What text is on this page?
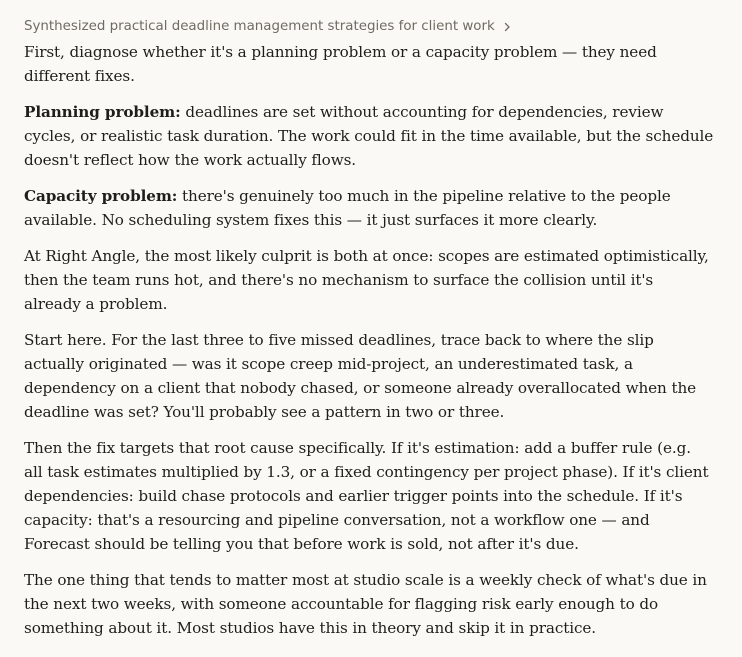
Synthesized practical deadline management strategies for client work

First, diagnose whether it's a planning problem or a capacity problem — they need different fixes.

Planning problem: deadlines are set without accounting for dependencies, review cycles, or realistic task duration. The work could fit in the time available, but the schedule doesn't reflect how the work actually flows.

Capacity problem: there's genuinely too much in the pipeline relative to the people available. No scheduling system fixes this — it just surfaces it more clearly.

At Right Angle, the most likely culprit is both at once: scopes are estimated optimistically, then the team runs hot, and there's no mechanism to surface the collision until it's already a problem.

Start here. For the last three to five missed deadlines, trace back to where the slip actually originated — was it scope creep mid-project, an underestimated task, a dependency on a client that nobody chased, or someone already overallocated when the deadline was set? You'll probably see a pattern in two or three.

Then the fix targets that root cause specifically. If it's estimation: add a buffer rule (e.g. all task estimates multiplied by 1.3, or a fixed contingency per project phase). If it's client dependencies: build chase protocols and earlier trigger points into the schedule. If it's capacity: that's a resourcing and pipeline conversation, not a workflow one — and Forecast should be telling you that before work is sold, not after it's due.

The one thing that tends to matter most at studio scale is a weekly check of what's due in the next two weeks, with someone accountable for flagging risk early enough to do something about it. Most studios have this in theory and skip it in practice.
